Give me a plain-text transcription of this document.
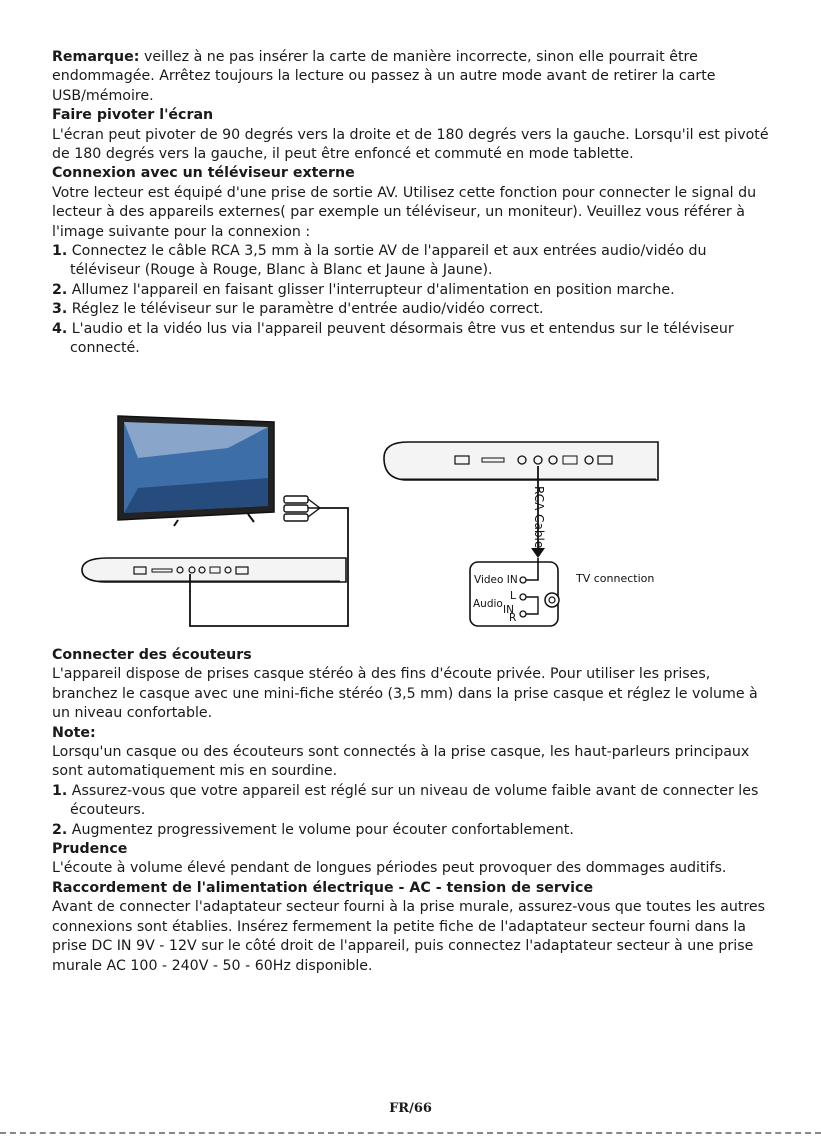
Remarque: veillez à ne pas insérer la carte de manière incorrecte, sinon elle pourrait être endommagée. Arrêtez toujours la lecture ou passez à un autre mode avant de retirer la carte USB/mémoire.

Faire pivoter l'écran

L'écran peut pivoter de 90 degrés vers la droite et de 180 degrés vers la gauche. Lorsqu'il est pivoté de 180 degrés vers la gauche, il peut être enfoncé et commuté en mode tablette.

Connexion avec un téléviseur externe

Votre lecteur est équipé d'une prise de sortie AV. Utilisez cette fonction pour connecter le signal du lecteur à des appareils externes( par exemple un téléviseur, un moniteur). Veuillez vous référer à l'image suivante pour la connexion :

1. Connectez le câble RCA 3,5 mm à la sortie AV de l'appareil et aux entrées audio/vidéo du téléviseur (Rouge à Rouge, Blanc à Blanc et Jaune à Jaune).

2. Allumez l'appareil en faisant glisser l'interrupteur d'alimentation en position marche.

3. Réglez le téléviseur sur le paramètre d'entrée audio/vidéo correct.

4. L'audio et la vidéo lus via l'appareil peuvent désormais être vus et entendus sur le téléviseur connecté.

RCA Cable
TV connection
Video IN
L
Audio IN
R

Connecter des écouteurs

L'appareil dispose de prises casque stéréo à des fins d'écoute privée. Pour utiliser les prises, branchez le casque avec une mini-fiche stéréo (3,5 mm) dans la prise casque et réglez le volume à un niveau confortable.

Note:

Lorsqu'un casque ou des écouteurs sont connectés à la prise casque, les haut-parleurs principaux sont automatiquement mis en sourdine.

1. Assurez-vous que votre appareil est réglé sur un niveau de volume faible avant de connecter les écouteurs.

2. Augmentez progressivement le volume pour écouter confortablement.

Prudence

L'écoute à volume élevé pendant de longues périodes peut provoquer des dommages auditifs.

Raccordement de l'alimentation électrique - AC - tension de service

Avant de connecter l'adaptateur secteur fourni à la prise murale, assurez-vous que toutes les autres connexions sont établies. Insérez fermement la petite fiche de l'adaptateur secteur fourni dans la prise DC IN 9V - 12V sur le côté droit de l'appareil, puis connectez l'adaptateur secteur à une prise murale AC 100 - 240V - 50 - 60Hz disponible.

FR/66
